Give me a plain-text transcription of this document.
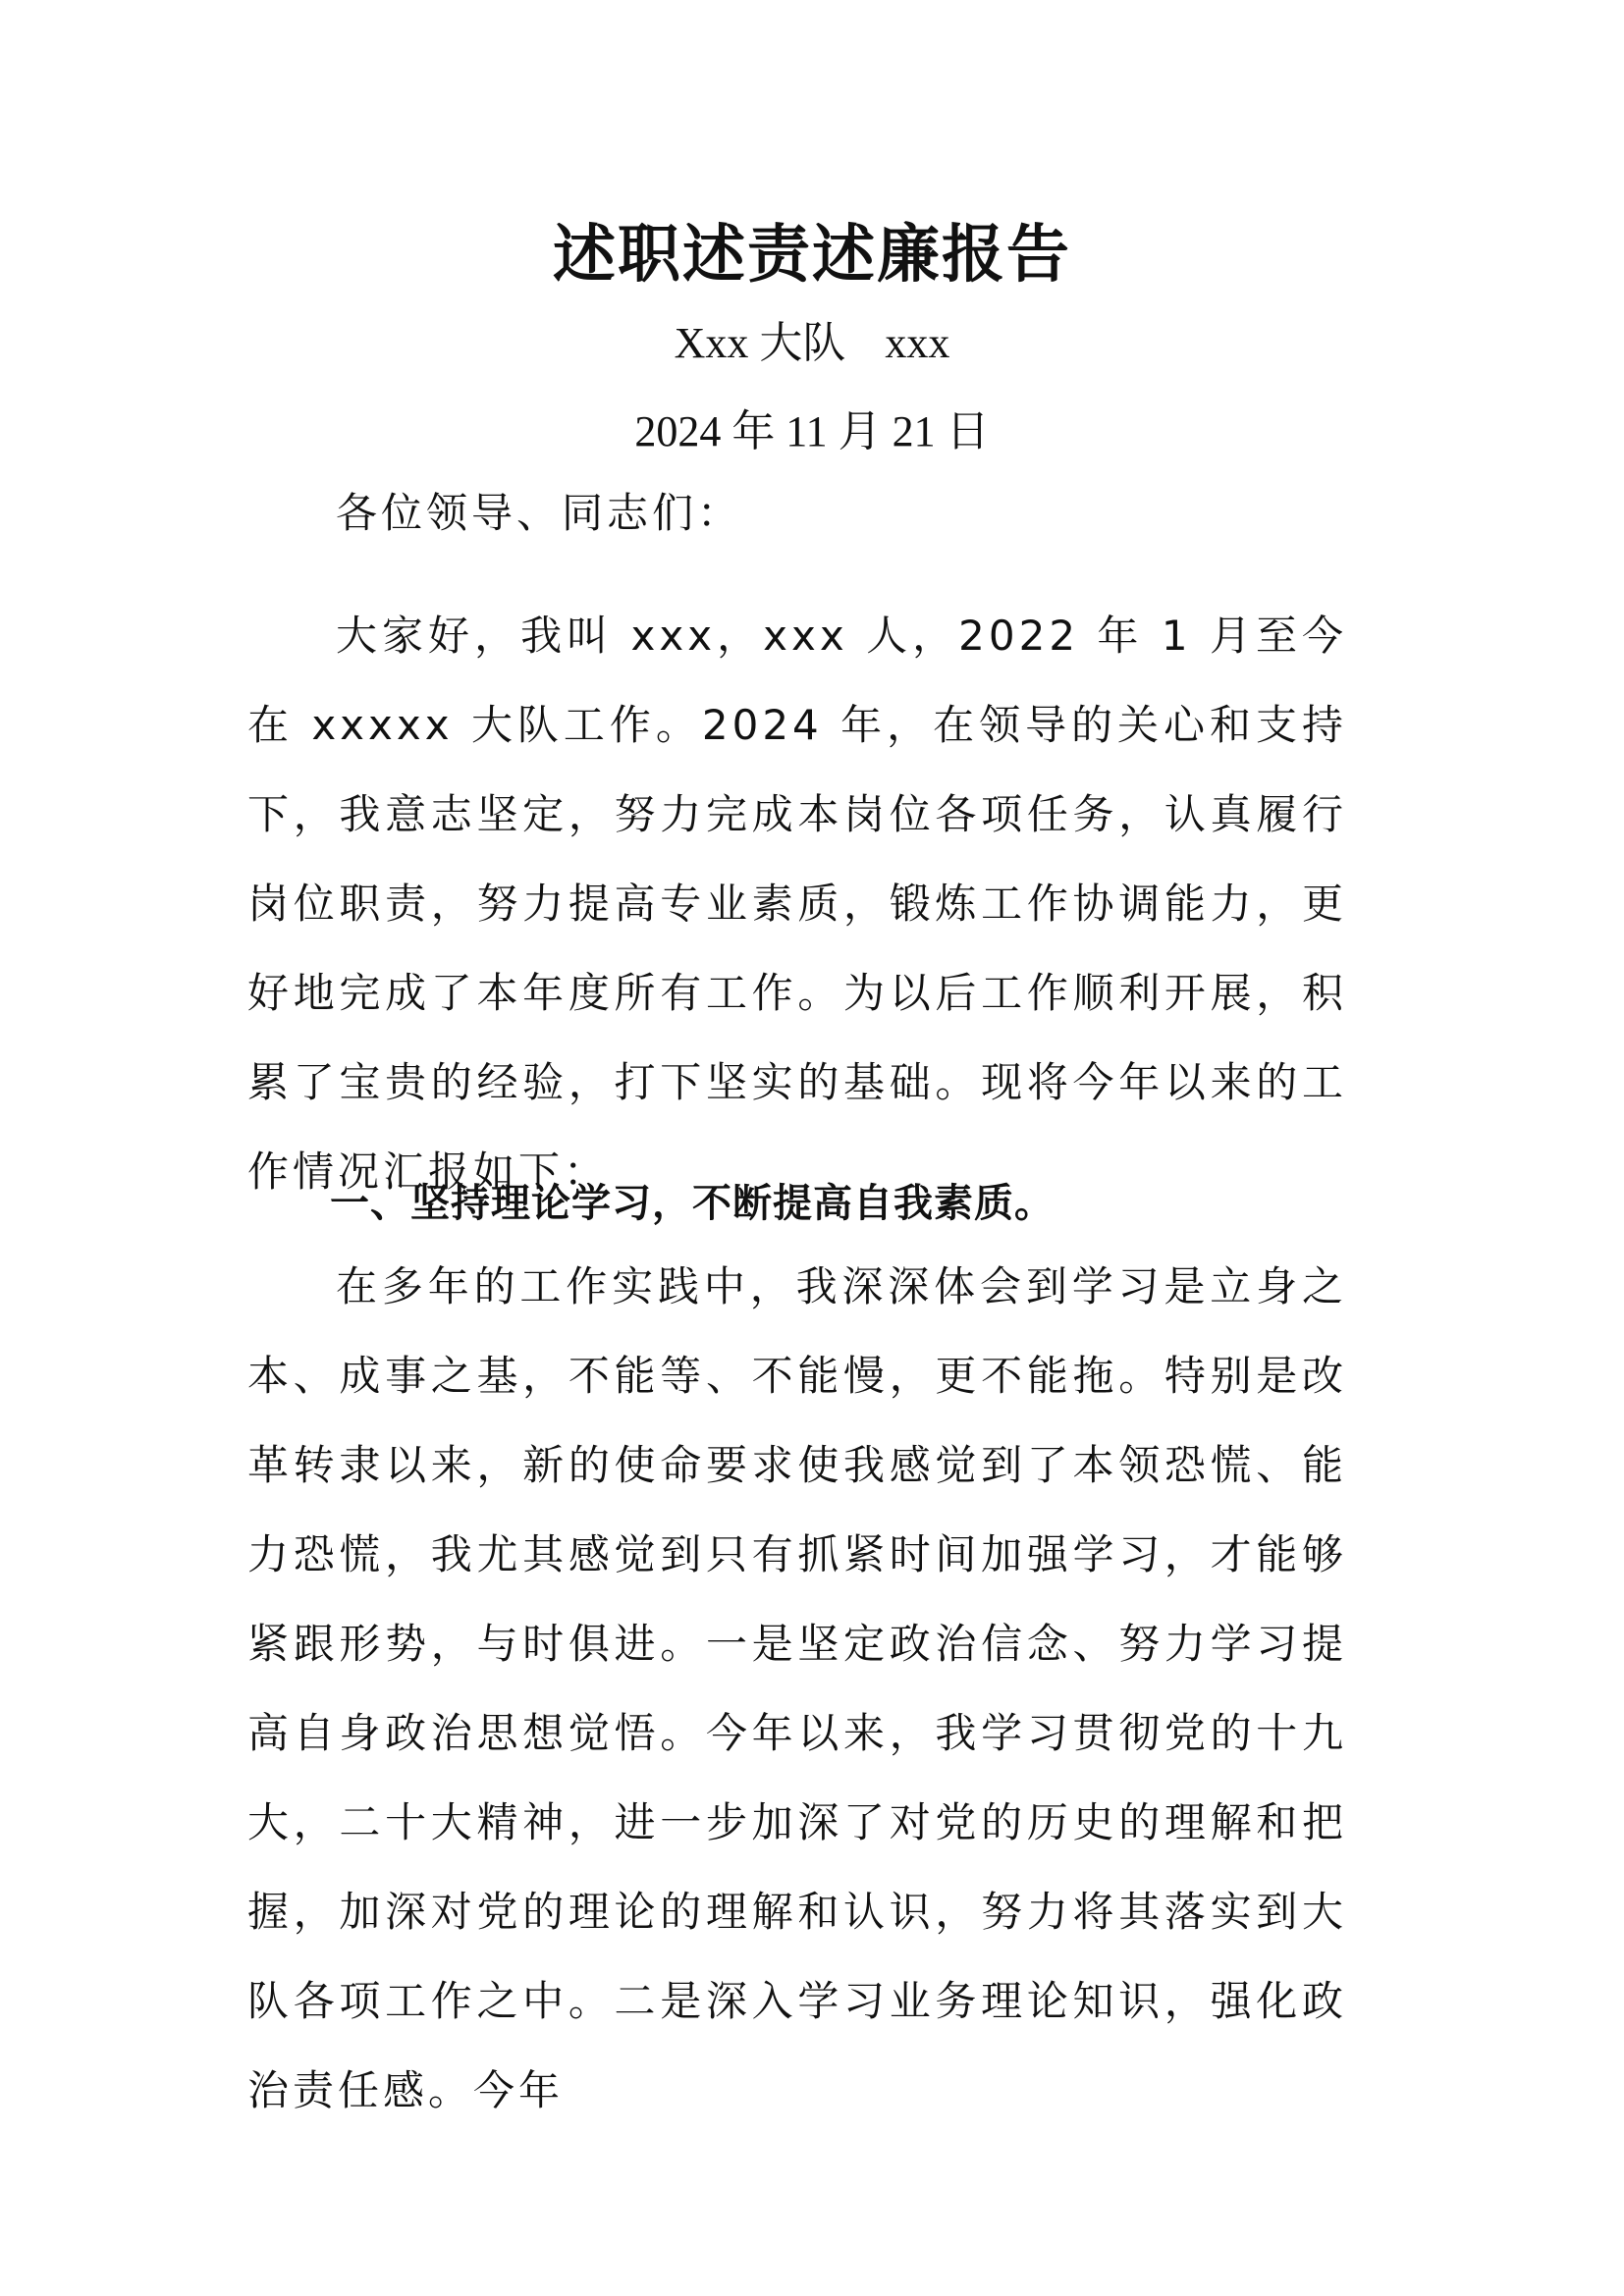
述职述责述廉报告

Xxx 大队 xxx

2024 年 11 月 21 日

各位领导、同志们：

大家好，我叫 xxx，xxx 人，2022 年 1 月至今在 xxxxx 大队工作。2024 年，在领导的关心和支持下，我意志坚定，努力完成本岗位各项任务，认真履行岗位职责，努力提高专业素质，锻炼工作协调能力，更好地完成了本年度所有工作。为以后工作顺利开展，积累了宝贵的经验，打下坚实的基础。现将今年以来的工作情况汇报如下：

一、坚持理论学习，不断提高自我素质。

在多年的工作实践中，我深深体会到学习是立身之本、成事之基，不能等、不能慢，更不能拖。特别是改革转隶以来，新的使命要求使我感觉到了本领恐慌、能力恐慌，我尤其感觉到只有抓紧时间加强学习，才能够紧跟形势，与时俱进。一是坚定政治信念、努力学习提高自身政治思想觉悟。今年以来，我学习贯彻党的十九大，二十大精神，进一步加深了对党的历史的理解和把握，加深对党的理论的理解和认识，努力将其落实到大队各项工作之中。二是深入学习业务理论知识，强化政治责任感。今年
